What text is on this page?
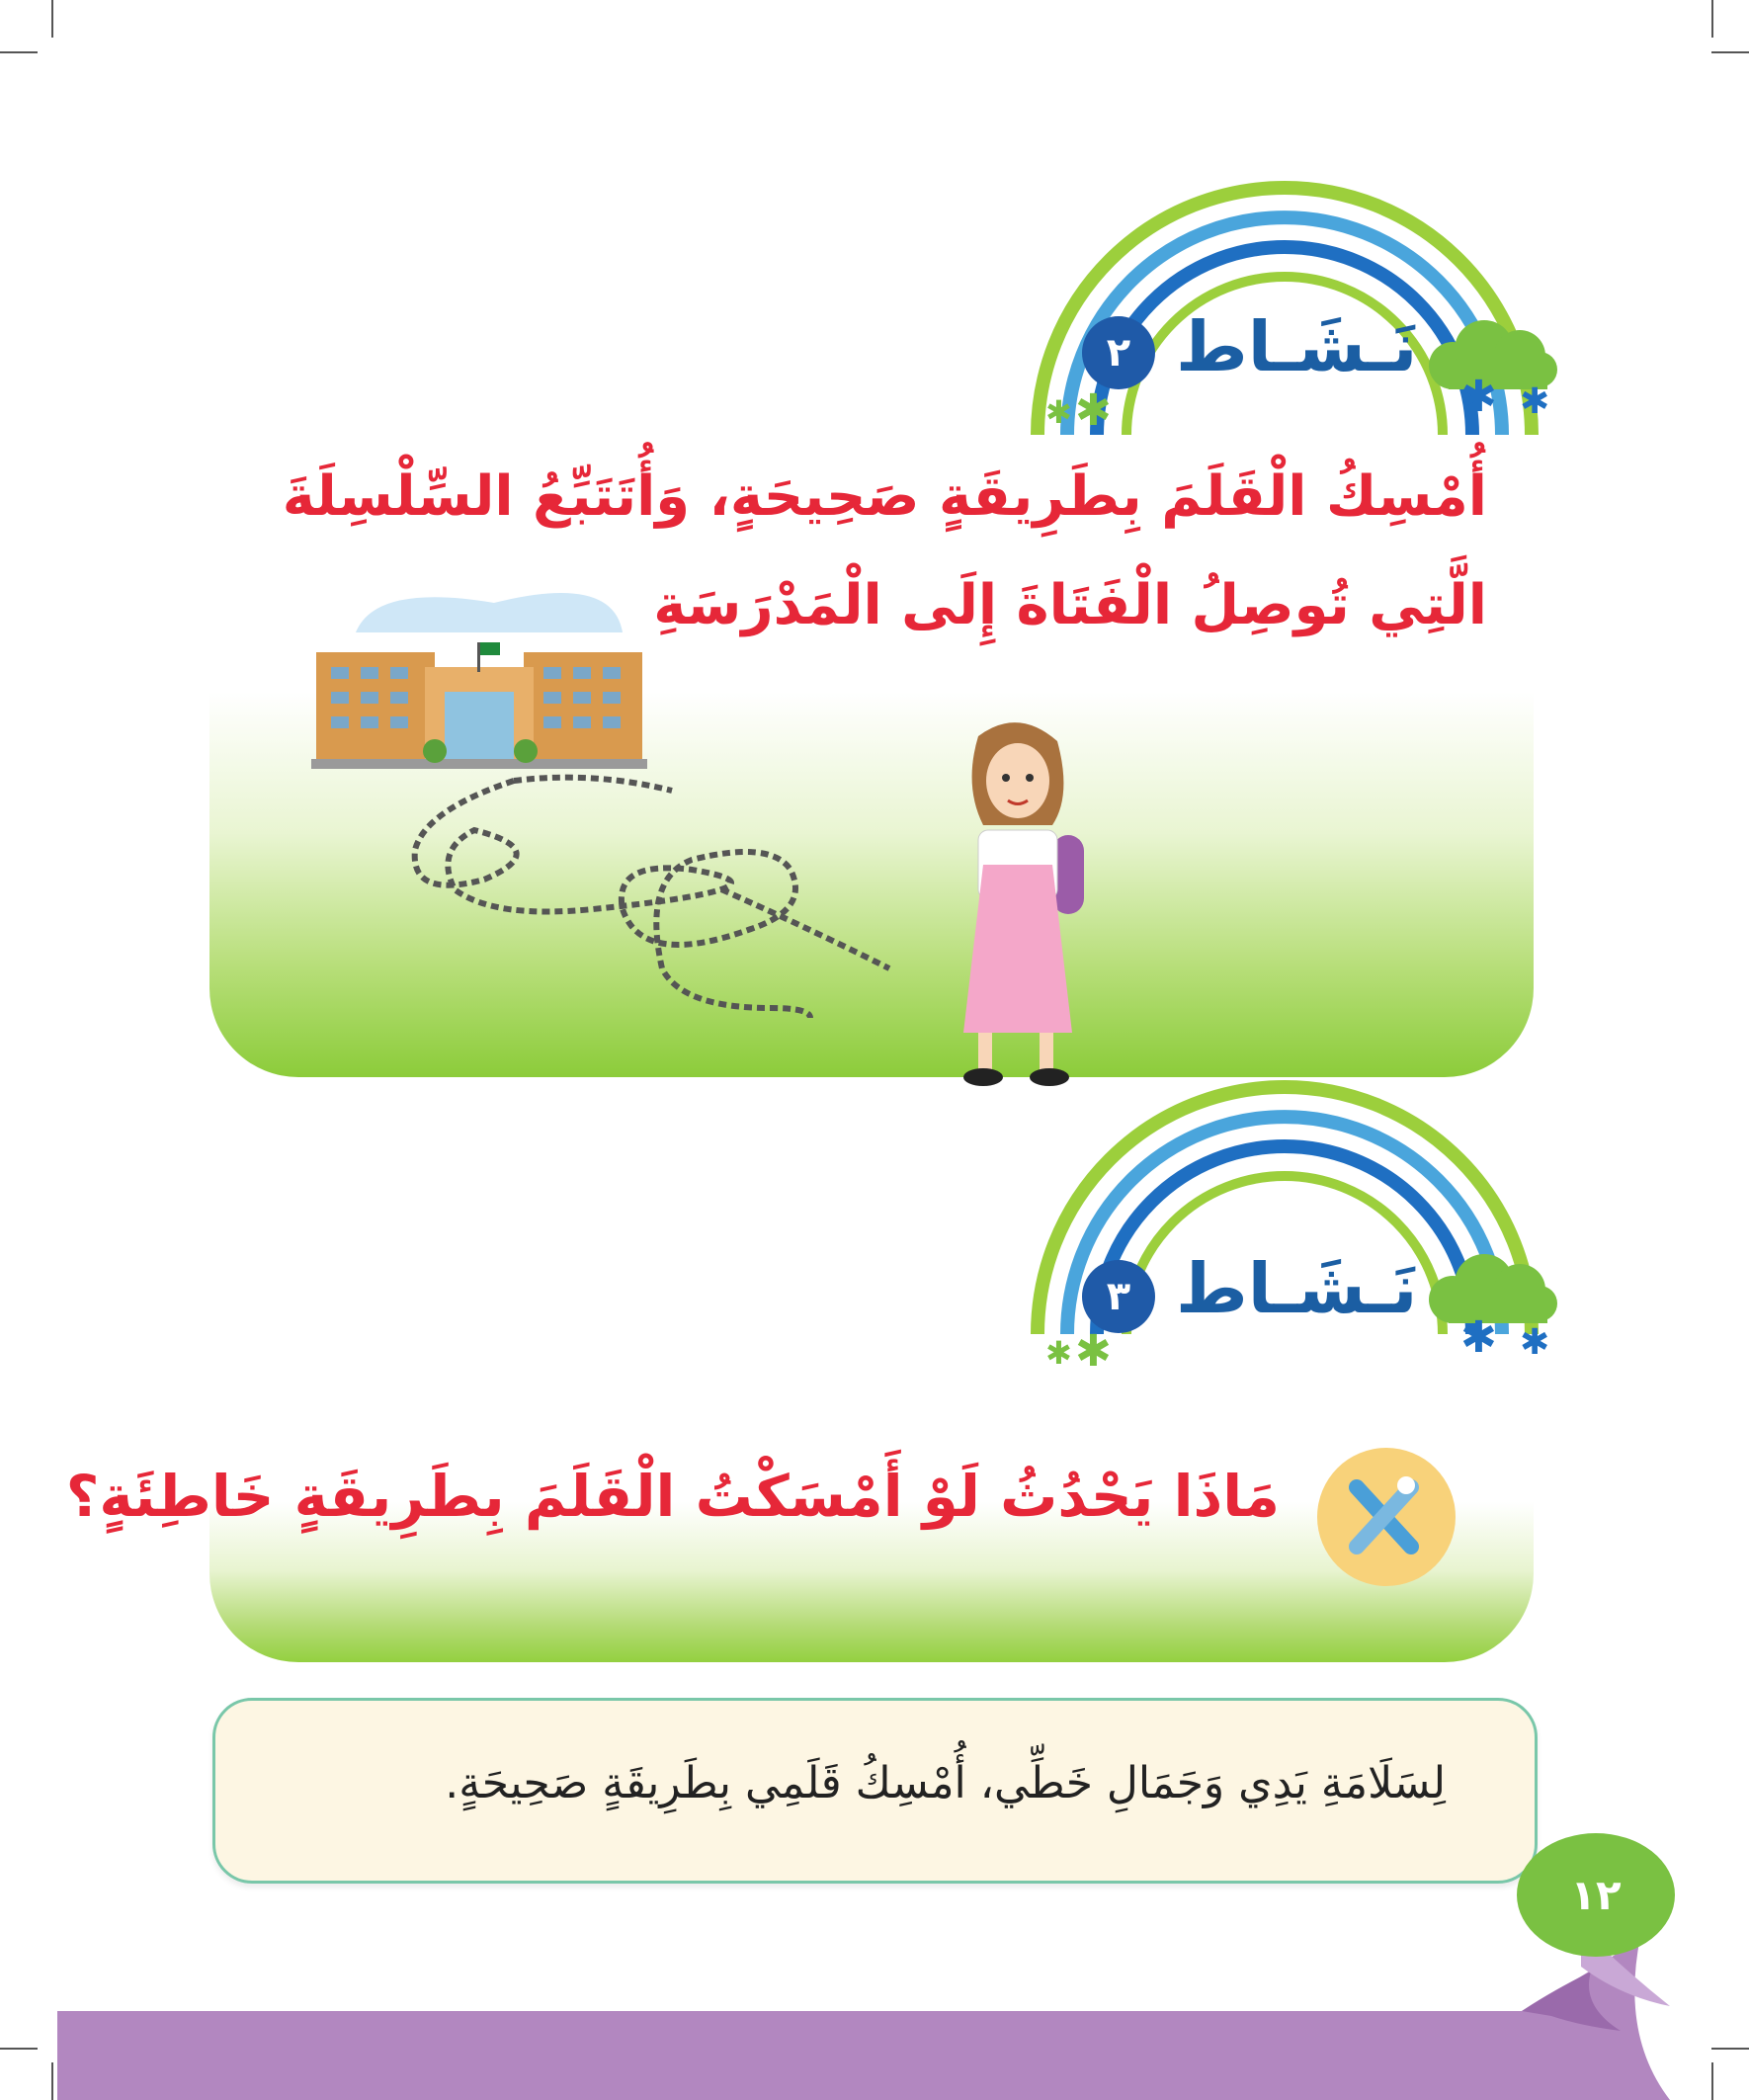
✱ ✱
✱ ✱
نَـشَـاط
٢
أُمْسِكُ الْقَلَمَ بِطَرِيقَةٍ صَحِيحَةٍ، وَأُتَتَبِّعُ السِّلْسِلَةَ
الَّتِي تُوصِلُ الْفَتَاةَ إِلَى الْمَدْرَسَةِ
✱ ✱
✱ ✱
نَـشَـاط
٣
مَاذَا يَحْدُثُ لَوْ أَمْسَكْتُ الْقَلَمَ بِطَرِيقَةٍ خَاطِئَةٍ؟
لِسَلَامَةِ يَدِي وَجَمَالِ خَطِّي، أُمْسِكُ قَلَمِي بِطَرِيقَةٍ صَحِيحَةٍ.
١٢
